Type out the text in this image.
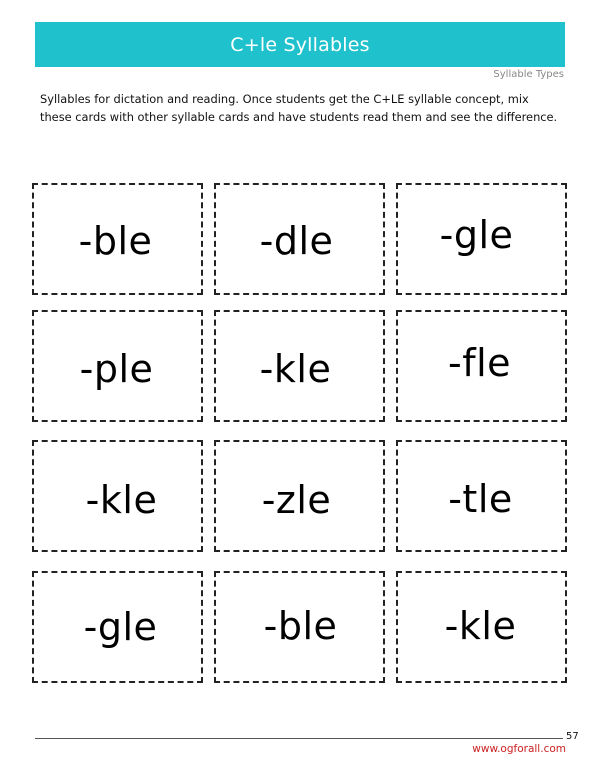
C+le Syllables
Syllable Types
Syllables for dictation and reading. Once students get the C+LE syllable concept, mix these cards with other syllable cards and have students read them and see the difference.
-ble	-dle	-gle
-ple	-kle	-fle
-kle	-zle	-tle
-gle	-ble	-kle
57
www.ogforall.com
